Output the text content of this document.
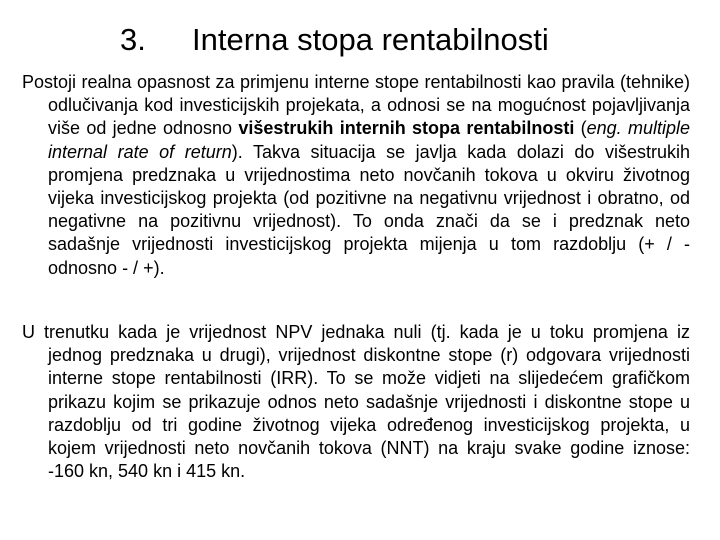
3. Interna stopa rentabilnosti

Postoji realna opasnost za primjenu interne stope rentabilnosti kao pravila (tehnike) odlučivanja kod investicijskih projekata, a odnosi se na mogućnost pojavljivanja više od jedne odnosno višestrukih internih stopa rentabilnosti (eng. multiple internal rate of return). Takva situacija se javlja kada dolazi do višestrukih promjena predznaka u vrijednostima neto novčanih tokova u okviru životnog vijeka investicijskog projekta (od pozitivne na negativnu vrijednost i obratno, od negativne na pozitivnu vrijednost). To onda znači da se i predznak neto sadašnje vrijednosti investicijskog projekta mijenja u tom razdoblju (+ / - odnosno - / +).

U trenutku kada je vrijednost NPV jednaka nuli (tj. kada je u toku promjena iz jednog predznaka u drugi), vrijednost diskontne stope (r) odgovara vrijednosti interne stope rentabilnosti (IRR). To se može vidjeti na slijedećem grafičkom prikazu kojim se prikazuje odnos neto sadašnje vrijednosti i diskontne stope u razdoblju od tri godine životnog vijeka određenog investicijskog projekta, u kojem vrijednosti neto novčanih tokova (NNT) na kraju svake godine iznose: -160 kn, 540 kn i 415 kn.
